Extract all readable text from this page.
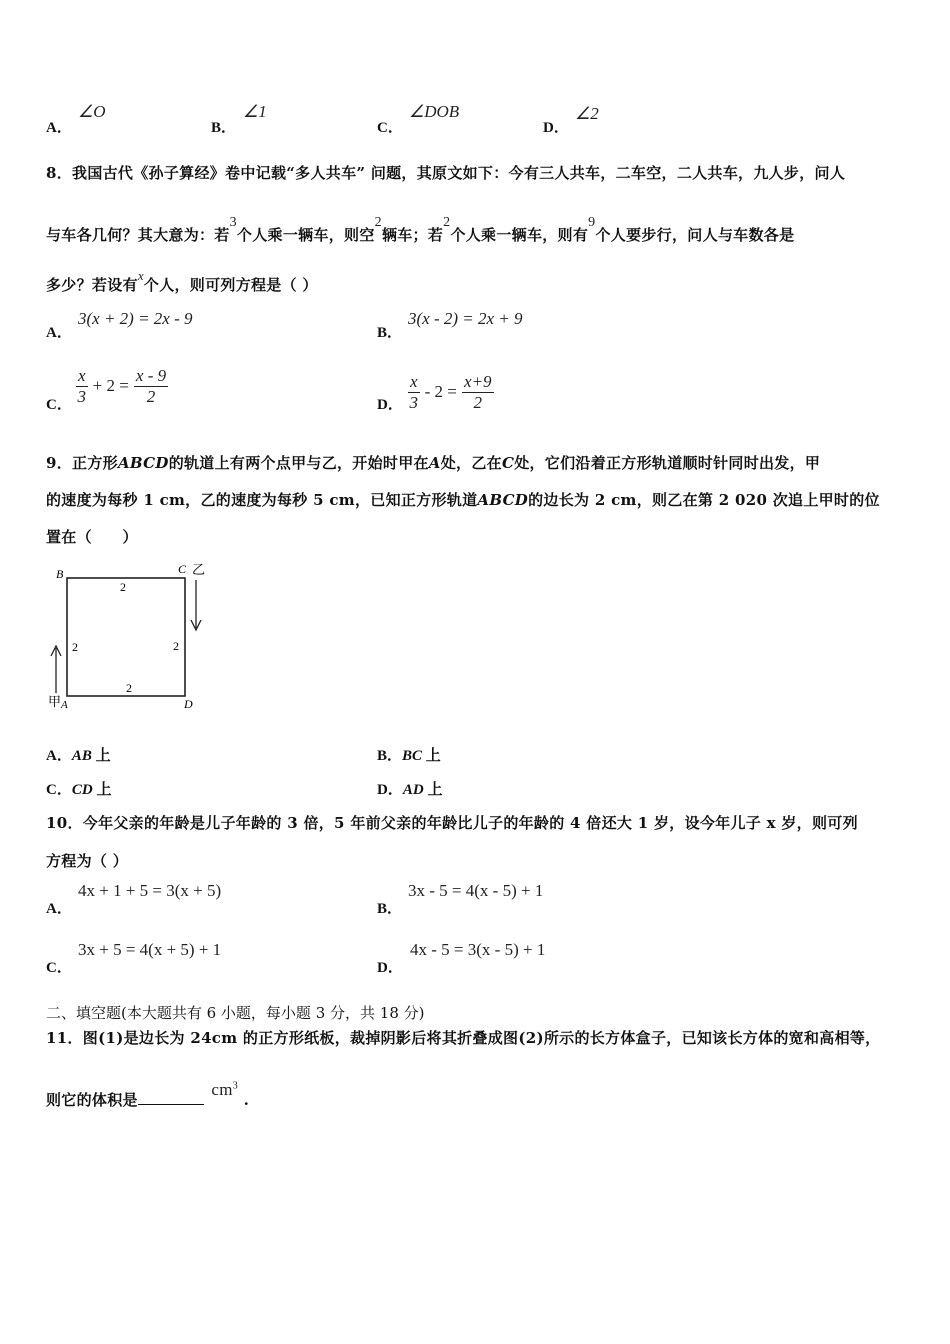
A．
∠O
B．
∠1
C．
∠DOB
D．
∠2
8．我国古代《孙子算经》卷中记载“多人共车” 问题，其原文如下：今有三人共车，二车空，二人共车，九人步，问人
与车各几何？其大意为：若3个人乘一辆车，则空2辆车；若2个人乘一辆车，则有9个人要步行，问人与车数各是
多少？若设有x个人，则可列方程是（ ）
A．
3(x + 2) = 2x - 9
B．
3(x - 2) = 2x + 9
C． $\frac{x}{3} + 2 = \frac{x - 9}{2}$	D． $\frac{x}{3} - 2 = \frac{x+9}{2}$
9．正方形ABCD的轨道上有两个点甲与乙，开始时甲在A处，乙在C处，它们沿着正方形轨道顺时针同时出发，甲
的速度为每秒 1 cm，乙的速度为每秒 5 cm，已知正方形轨道ABCD的边长为 2 cm，则乙在第 2 020 次追上甲时的位
置在（　　）
B	C 乙
甲 A	D
2
2	2
2
A．AB 上	B．BC 上
C．CD 上	D．AD 上
10．今年父亲的年龄是儿子年龄的 3 倍，5 年前父亲的年龄比儿子的年龄的 4 倍还大 1 岁，设今年儿子 x 岁，则可列
方程为（ ）
A．
4x + 1 + 5 = 3(x + 5)
B．
3x - 5 = 4(x - 5) + 1
C．
3x + 5 = 4(x + 5) + 1
D．
4x - 5 = 3(x - 5) + 1
二、填空题(本大题共有 6 小题，每小题 3 分，共 18 分)
11．图(1)是边长为 24cm 的正方形纸板，裁掉阴影后将其折叠成图(2)所示的长方体盒子，已知该长方体的宽和高相等，
则它的体积是 $cm^3$ .
